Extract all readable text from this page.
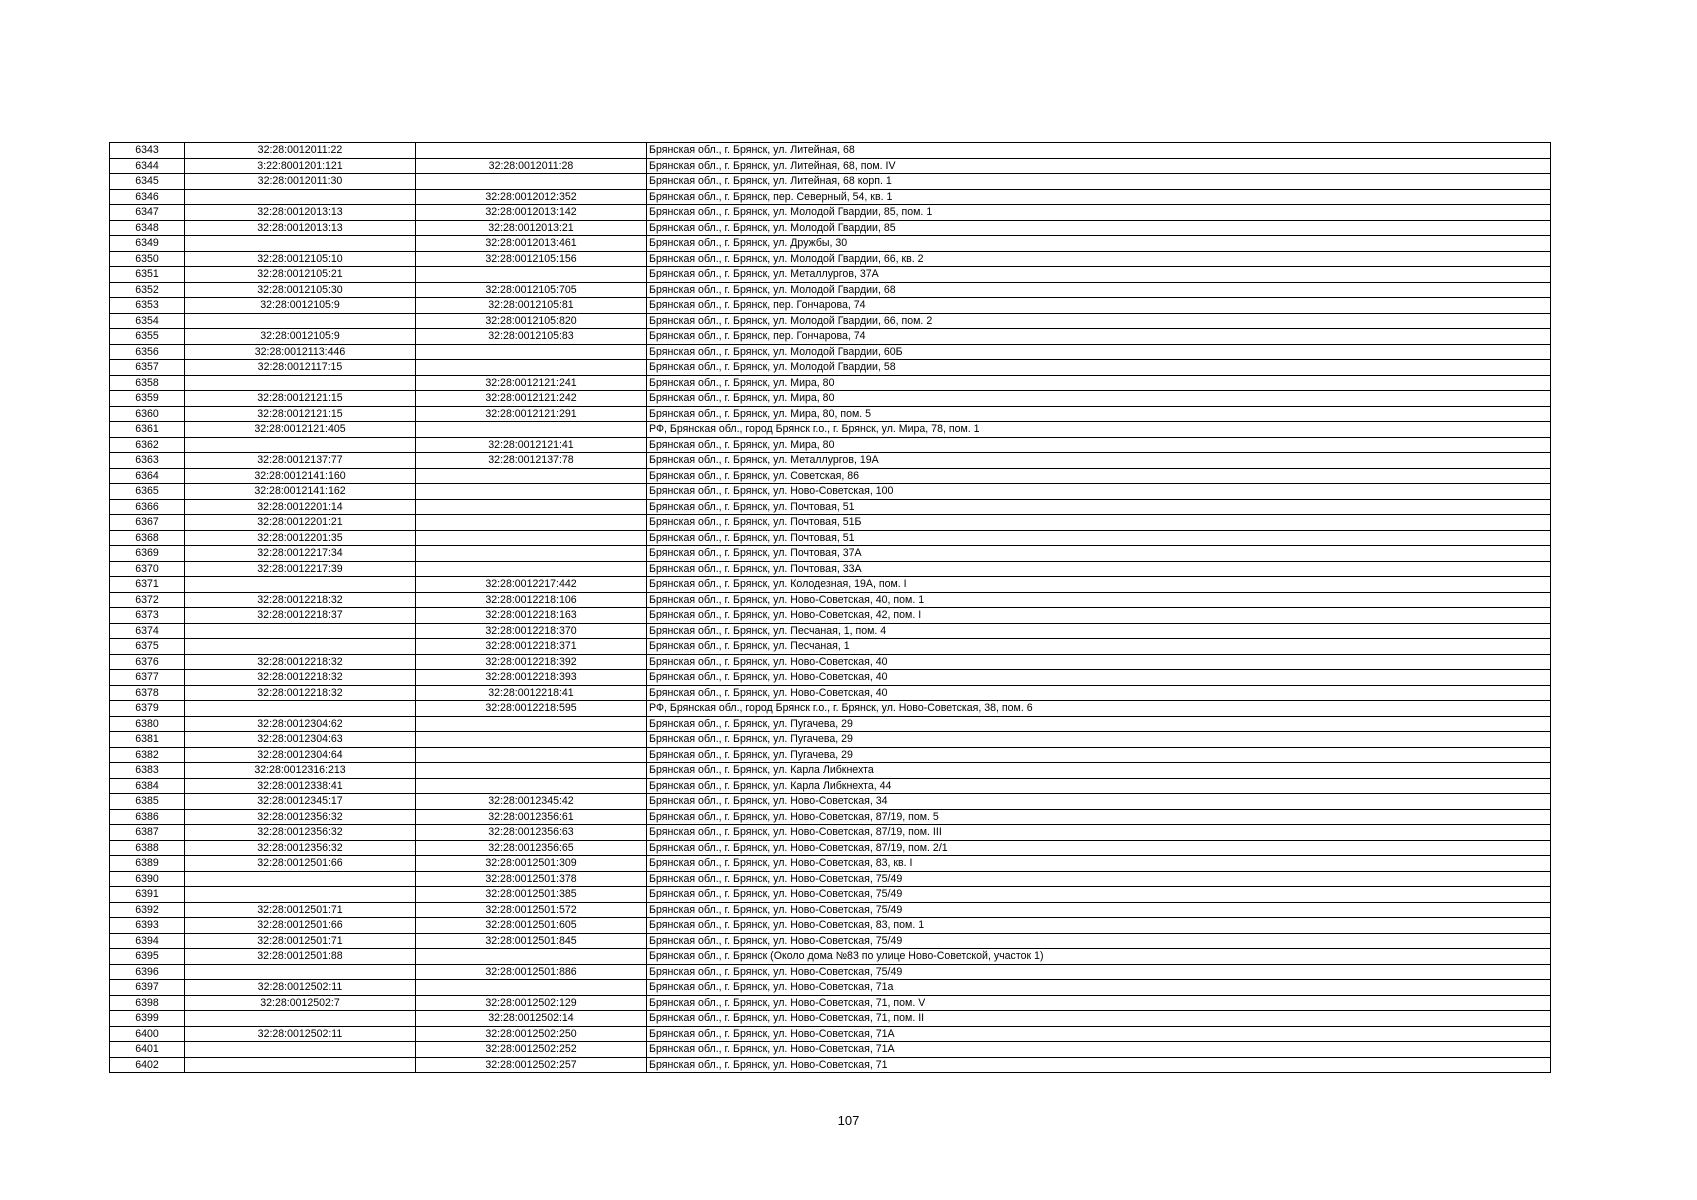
6343	32:28:0012011:22		Брянская обл., г. Брянск, ул. Литейная, 68
6344	3:22:8001201:121	32:28:0012011:28	Брянская обл., г. Брянск, ул. Литейная, 68, пом. IV
6345	32:28:0012011:30		Брянская обл., г. Брянск, ул. Литейная, 68 корп. 1
6346		32:28:0012012:352	Брянская обл., г. Брянск, пер. Северный, 54, кв. 1
6347	32:28:0012013:13	32:28:0012013:142	Брянская обл., г. Брянск, ул. Молодой Гвардии, 85, пом. 1
6348	32:28:0012013:13	32:28:0012013:21	Брянская обл., г. Брянск, ул. Молодой Гвардии, 85
6349		32:28:0012013:461	Брянская обл., г. Брянск, ул. Дружбы, 30
6350	32:28:0012105:10	32:28:0012105:156	Брянская обл., г. Брянск, ул. Молодой Гвардии, 66, кв. 2
6351	32:28:0012105:21		Брянская обл., г. Брянск, ул. Металлургов, 37А
6352	32:28:0012105:30	32:28:0012105:705	Брянская обл., г. Брянск, ул. Молодой Гвардии, 68
6353	32:28:0012105:9	32:28:0012105:81	Брянская обл., г. Брянск, пер. Гончарова, 74
6354		32:28:0012105:820	Брянская обл., г. Брянск, ул. Молодой Гвардии, 66, пом. 2
6355	32:28:0012105:9	32:28:0012105:83	Брянская обл., г. Брянск, пер. Гончарова, 74
6356	32:28:0012113:446		Брянская обл., г. Брянск, ул. Молодой Гвардии, 60Б
6357	32:28:0012117:15		Брянская обл., г. Брянск, ул. Молодой Гвардии, 58
6358		32:28:0012121:241	Брянская обл., г. Брянск, ул. Мира, 80
6359	32:28:0012121:15	32:28:0012121:242	Брянская обл., г. Брянск, ул. Мира, 80
6360	32:28:0012121:15	32:28:0012121:291	Брянская обл., г. Брянск, ул. Мира, 80, пом. 5
6361	32:28:0012121:405		РФ, Брянская обл., город Брянск г.о., г. Брянск, ул. Мира, 78, пом. 1
6362		32:28:0012121:41	Брянская обл., г. Брянск, ул. Мира, 80
6363	32:28:0012137:77	32:28:0012137:78	Брянская обл., г. Брянск, ул. Металлургов, 19А
6364	32:28:0012141:160		Брянская обл., г. Брянск, ул. Советская, 86
6365	32:28:0012141:162		Брянская обл., г. Брянск, ул. Ново-Советская, 100
6366	32:28:0012201:14		Брянская обл., г. Брянск, ул. Почтовая, 51
6367	32:28:0012201:21		Брянская обл., г. Брянск, ул. Почтовая, 51Б
6368	32:28:0012201:35		Брянская обл., г. Брянск, ул. Почтовая, 51
6369	32:28:0012217:34		Брянская обл., г. Брянск, ул. Почтовая, 37А
6370	32:28:0012217:39		Брянская обл., г. Брянск, ул. Почтовая, 33А
6371		32:28:0012217:442	Брянская обл., г. Брянск, ул. Колодезная, 19А, пом. I
6372	32:28:0012218:32	32:28:0012218:106	Брянская обл., г. Брянск, ул. Ново-Советская, 40, пом. 1
6373	32:28:0012218:37	32:28:0012218:163	Брянская обл., г. Брянск, ул. Ново-Советская, 42, пом. I
6374		32:28:0012218:370	Брянская обл., г. Брянск, ул. Песчаная, 1, пом. 4
6375		32:28:0012218:371	Брянская обл., г. Брянск, ул. Песчаная, 1
6376	32:28:0012218:32	32:28:0012218:392	Брянская обл., г. Брянск, ул. Ново-Советская, 40
6377	32:28:0012218:32	32:28:0012218:393	Брянская обл., г. Брянск, ул. Ново-Советская, 40
6378	32:28:0012218:32	32:28:0012218:41	Брянская обл., г. Брянск, ул. Ново-Советская, 40
6379		32:28:0012218:595	РФ, Брянская обл., город Брянск г.о., г. Брянск, ул. Ново-Советская, 38, пом. 6
6380	32:28:0012304:62		Брянская обл., г. Брянск, ул. Пугачева, 29
6381	32:28:0012304:63		Брянская обл., г. Брянск, ул. Пугачева, 29
6382	32:28:0012304:64		Брянская обл., г. Брянск, ул. Пугачева, 29
6383	32:28:0012316:213		Брянская обл., г. Брянск, ул. Карла Либкнехта
6384	32:28:0012338:41		Брянская обл., г. Брянск, ул. Карла Либкнехта, 44
6385	32:28:0012345:17	32:28:0012345:42	Брянская обл., г. Брянск, ул. Ново-Советская, 34
6386	32:28:0012356:32	32:28:0012356:61	Брянская обл., г. Брянск, ул. Ново-Советская, 87/19, пом. 5
6387	32:28:0012356:32	32:28:0012356:63	Брянская обл., г. Брянск, ул. Ново-Советская, 87/19, пом. III
6388	32:28:0012356:32	32:28:0012356:65	Брянская обл., г. Брянск, ул. Ново-Советская, 87/19, пом. 2/1
6389	32:28:0012501:66	32:28:0012501:309	Брянская обл., г. Брянск, ул. Ново-Советская, 83, кв. I
6390		32:28:0012501:378	Брянская обл., г. Брянск, ул. Ново-Советская, 75/49
6391		32:28:0012501:385	Брянская обл., г. Брянск, ул. Ново-Советская, 75/49
6392	32:28:0012501:71	32:28:0012501:572	Брянская обл., г. Брянск, ул. Ново-Советская, 75/49
6393	32:28:0012501:66	32:28:0012501:605	Брянская обл., г. Брянск, ул. Ново-Советская, 83, пом. 1
6394	32:28:0012501:71	32:28:0012501:845	Брянская обл., г. Брянск, ул. Ново-Советская, 75/49
6395	32:28:0012501:88		Брянская обл., г. Брянск (Около дома №83 по улице Ново-Советской, участок 1)
6396		32:28:0012501:886	Брянская обл., г. Брянск, ул. Ново-Советская, 75/49
6397	32:28:0012502:11		Брянская обл., г. Брянск, ул. Ново-Советская, 71а
6398	32:28:0012502:7	32:28:0012502:129	Брянская обл., г. Брянск, ул. Ново-Советская, 71, пом. V
6399		32:28:0012502:14	Брянская обл., г. Брянск, ул. Ново-Советская, 71, пом. II
6400	32:28:0012502:11	32:28:0012502:250	Брянская обл., г. Брянск, ул. Ново-Советская, 71А
6401		32:28:0012502:252	Брянская обл., г. Брянск, ул. Ново-Советская, 71А
6402		32:28:0012502:257	Брянская обл., г. Брянск, ул. Ново-Советская, 71
107
